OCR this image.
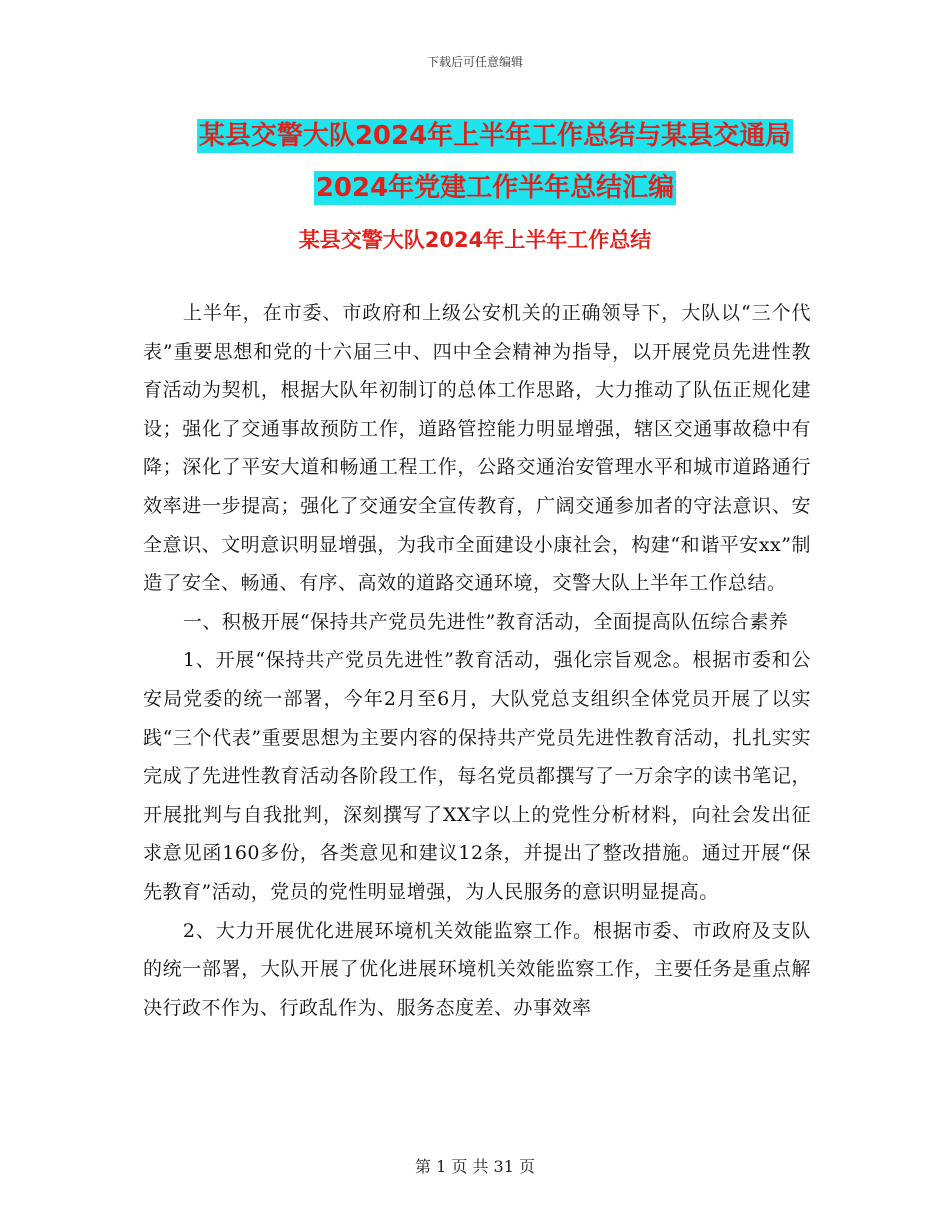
下载后可任意编辑
某县交警大队2024年上半年工作总结与某县交通局
2024年党建工作半年总结汇编
某县交警大队2024年上半年工作总结

上半年，在市委、市政府和上级公安机关的正确领导下，大队以“三个代表”重要思想和党的十六届三中、四中全会精神为指导，以开展党员先进性教育活动为契机，根据大队年初制订的总体工作思路，大力推动了队伍正规化建设；强化了交通事故预防工作，道路管控能力明显增强，辖区交通事故稳中有降；深化了平安大道和畅通工程工作，公路交通治安管理水平和城市道路通行效率进一步提高；强化了交通安全宣传教育，广阔交通参加者的守法意识、安全意识、文明意识明显增强，为我市全面建设小康社会，构建“和谐平安xx”制造了安全、畅通、有序、高效的道路交通环境，交警大队上半年工作总结。

一、积极开展“保持共产党员先进性”教育活动，全面提高队伍综合素养

1、开展“保持共产党员先进性”教育活动，强化宗旨观念。根据市委和公安局党委的统一部署，今年2月至6月，大队党总支组织全体党员开展了以实践“三个代表”重要思想为主要内容的保持共产党员先进性教育活动，扎扎实实完成了先进性教育活动各阶段工作，每名党员都撰写了一万余字的读书笔记，开展批判与自我批判，深刻撰写了XX字以上的党性分析材料，向社会发出征求意见函160多份，各类意见和建议12条，并提出了整改措施。通过开展“保先教育”活动，党员的党性明显增强，为人民服务的意识明显提高。

2、大力开展优化进展环境机关效能监察工作。根据市委、市政府及支队的统一部署，大队开展了优化进展环境机关效能监察工作，主要任务是重点解决行政不作为、行政乱作为、服务态度差、办事效率

第 1 页 共 31 页
